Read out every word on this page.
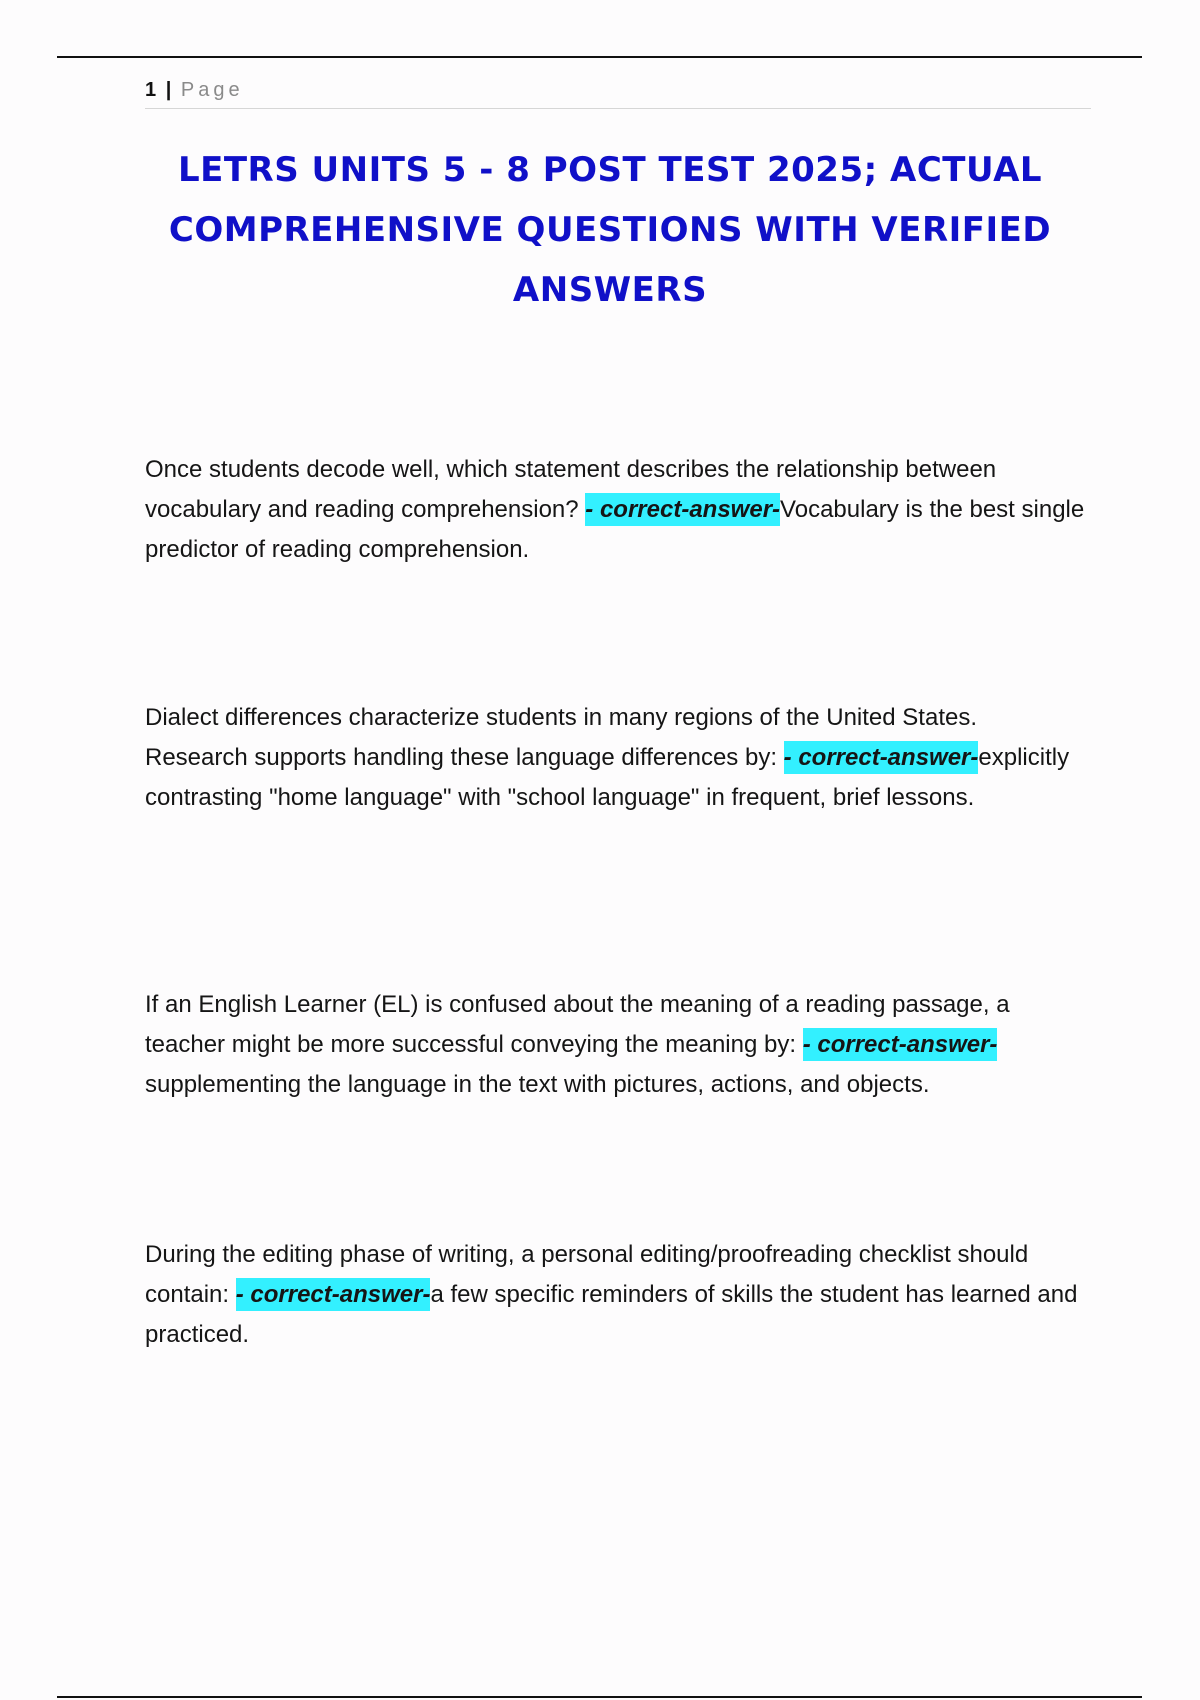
1 | Page
LETRS UNITS 5 - 8 POST TEST 2025; ACTUAL COMPREHENSIVE QUESTIONS WITH VERIFIED ANSWERS

Once students decode well, which statement describes the relationship between vocabulary and reading comprehension? - correct-answer-Vocabulary is the best single predictor of reading comprehension.

Dialect differences characterize students in many regions of the United States. Research supports handling these language differences by: - correct-answer-explicitly contrasting "home language" with "school language" in frequent, brief lessons.

If an English Learner (EL) is confused about the meaning of a reading passage, a teacher might be more successful conveying the meaning by: - correct-answer-supplementing the language in the text with pictures, actions, and objects.

During the editing phase of writing, a personal editing/proofreading checklist should contain: - correct-answer-a few specific reminders of skills the student has learned and practiced.
